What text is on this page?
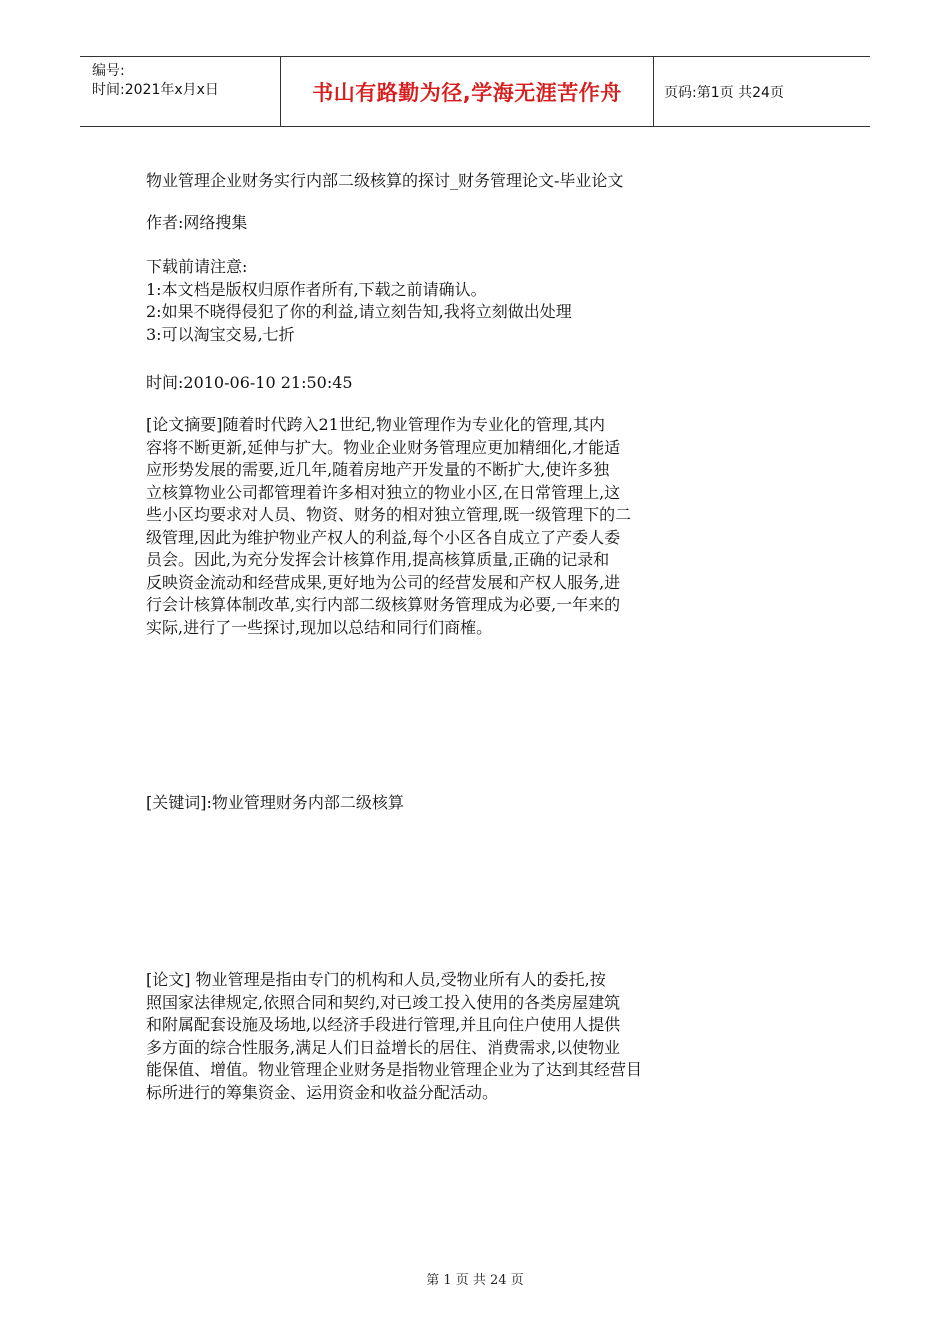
编号:
时间:2021年x月x日	书山有路勤为径,学海无涯苦作舟	页码:第1页 共24页

物业管理企业财务实行内部二级核算的探讨_财务管理论文-毕业论文

作者:网络搜集

下载前请注意:

1:本文档是版权归原作者所有,下载之前请确认。

2:如果不晓得侵犯了你的利益,请立刻告知,我将立刻做出处理

3:可以淘宝交易,七折

时间:2010-06-10 21:50:45

[论文摘要]随着时代跨入21世纪,物业管理作为专业化的管理,其内

容将不断更新,延伸与扩大。物业企业财务管理应更加精细化,才能适

应形势发展的需要,近几年,随着房地产开发量的不断扩大,使许多独

立核算物业公司都管理着许多相对独立的物业小区,在日常管理上,这

些小区均要求对人员、物资、财务的相对独立管理,既一级管理下的二

级管理,因此为维护物业产权人的利益,每个小区各自成立了产委人委

员会。因此,为充分发挥会计核算作用,提高核算质量,正确的记录和

反映资金流动和经营成果,更好地为公司的经营发展和产权人服务,进

行会计核算体制改革,实行内部二级核算财务管理成为必要,一年来的

实际,进行了一些探讨,现加以总结和同行们商榷。

[关键词]:物业管理财务内部二级核算

[论文] 物业管理是指由专门的机构和人员,受物业所有人的委托,按

照国家法律规定,依照合同和契约,对已竣工投入使用的各类房屋建筑

和附属配套设施及场地,以经济手段进行管理,并且向住户使用人提供

多方面的综合性服务,满足人们日益增长的居住、消费需求,以使物业

能保值、增值。物业管理企业财务是指物业管理企业为了达到其经营目

标所进行的筹集资金、运用资金和收益分配活动。

第 1 页 共 24 页
